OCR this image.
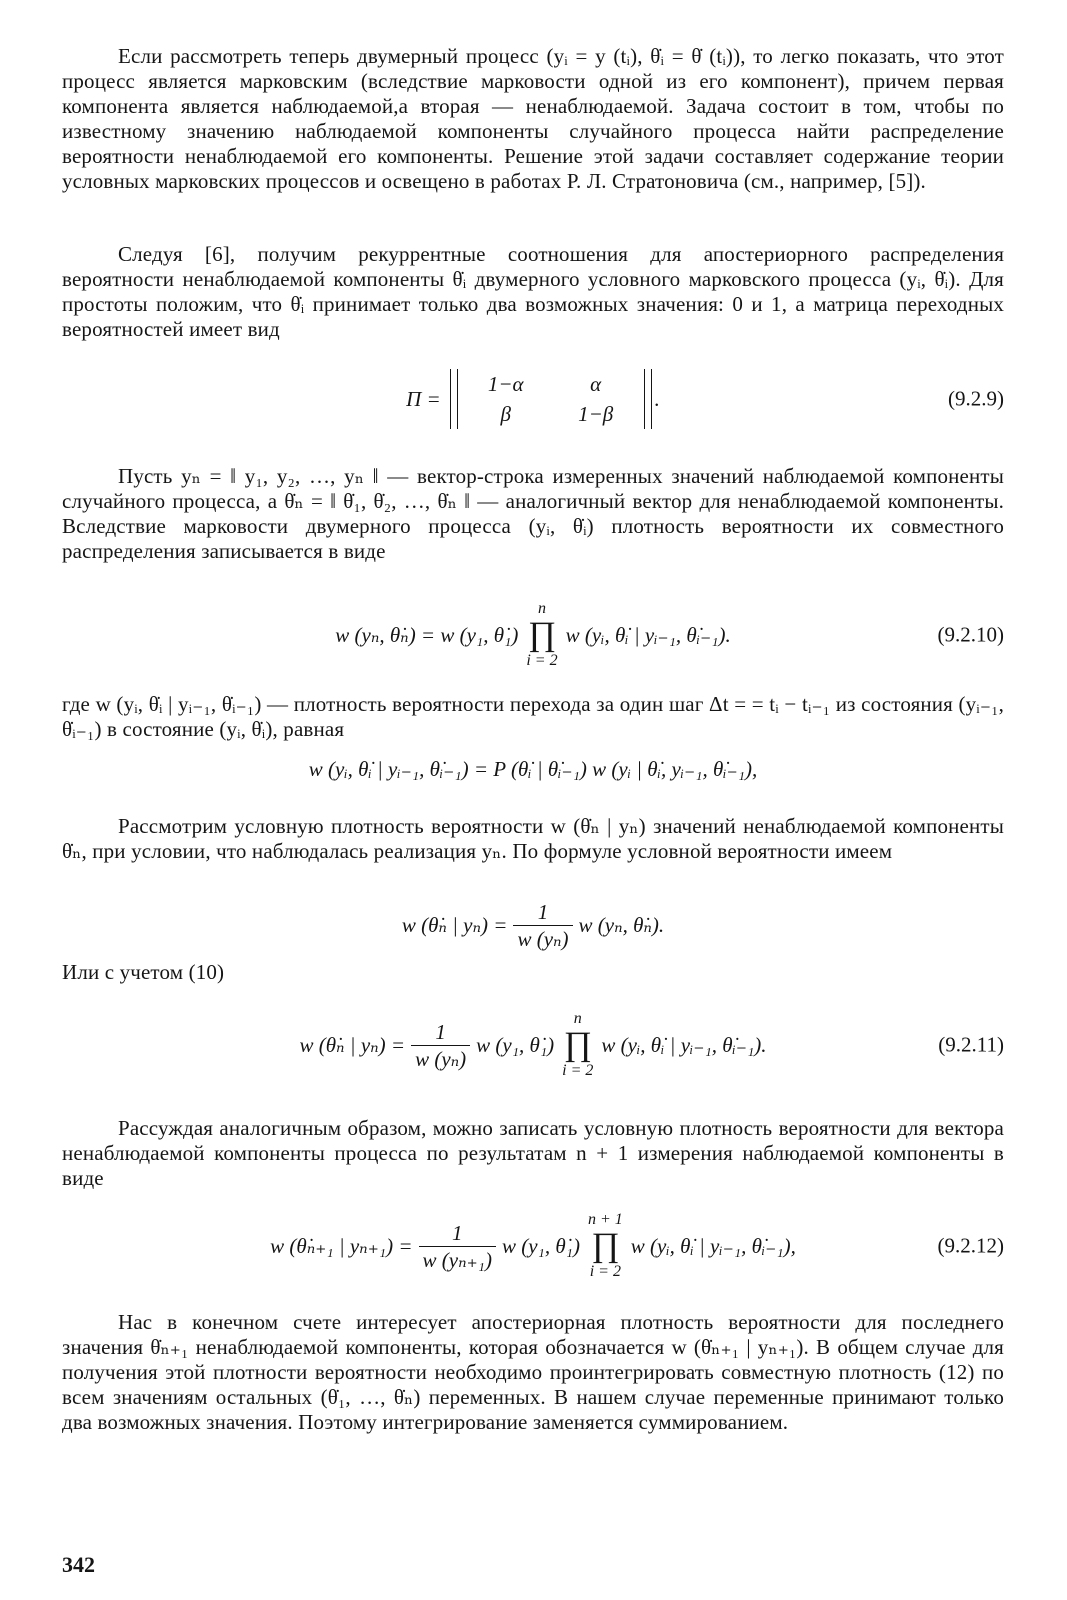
Если рассмотреть теперь двумерный процесс (yᵢ = y (tᵢ), θ̇ᵢ = θ̇ (tᵢ)), то легко показать, что этот процесс является марковским (вследствие марковости одной из его компонент), причем первая компонента является наблюдаемой,а вторая — ненаблюдаемой. Задача состоит в том, чтобы по известному значению наблюдаемой компоненты случайного процесса найти распределение вероятности ненаблюдаемой его компоненты. Решение этой задачи составляет содержание теории условных марковских процессов и освещено в работах Р. Л. Стратоновича (см., например, [5]).

Следуя [6], получим рекуррентные соотношения для апостериорного распределения вероятности ненаблюдаемой компоненты θ̇ᵢ двумерного условного марковского процесса (yᵢ, θ̇ᵢ). Для простоты положим, что θ̇ᵢ принимает только два возможных значения: 0 и 1, а матрица переходных вероятностей имеет вид

Π =
1−α	α
β	1−β
.	(9.2.9)

Пусть yₙ = ‖ y₁, y₂, …, yₙ ‖ — вектор-строка измеренных значений наблюдаемой компоненты случайного процесса, а θ̇ₙ = ‖ θ̇₁, θ̇₂, …, θ̇ₙ ‖ — аналогичный вектор для ненаблюдаемой компоненты. Вследствие марковости двумерного процесса (yᵢ, θ̇ᵢ) плотность вероятности их совместного распределения записывается в виде

w (yₙ, θ̇ₙ) = w (y₁, θ̇₁)
n
∏
i = 2
w (yᵢ, θ̇ᵢ | yᵢ₋₁, θ̇ᵢ₋₁).	(9.2.10)

где w (yᵢ, θ̇ᵢ | yᵢ₋₁, θ̇ᵢ₋₁) — плотность вероятности перехода за один шаг Δt = = tᵢ − tᵢ₋₁ из состояния (yᵢ₋₁, θ̇ᵢ₋₁) в состояние (yᵢ, θ̇ᵢ), равная

w (yᵢ, θ̇ᵢ | yᵢ₋₁, θ̇ᵢ₋₁) = P (θ̇ᵢ | θ̇ᵢ₋₁) w (yᵢ | θ̇ᵢ, yᵢ₋₁, θ̇ᵢ₋₁),

Рассмотрим условную плотность вероятности w (θ̇ₙ | yₙ) значений ненаблюдаемой компоненты θ̇ₙ, при условии, что наблюдалась реализация yₙ. По формуле условной вероятности имеем

w (θ̇ₙ | $y_n) = \frac{1}{\text{w (yₙ)}}$ w (yₙ, θ̇ₙ).

Или с учетом (10)

w (θ̇ₙ | $y_n) = \frac{1}{\text{w (yₙ)}}$ w (y₁, θ̇₁)
n
∏
i = 2
w (yᵢ, θ̇ᵢ | yᵢ₋₁, θ̇ᵢ₋₁).	(9.2.11)

Рассуждая аналогичным образом, можно записать условную плотность вероятности для вектора ненаблюдаемой компоненты процесса по результатам n + 1 измерения наблюдаемой компоненты в виде

w (θ̇ₙ₊₁ | $y_{n+1}) = \frac{1}{\text{w (yₙ₊₁)}}$ w (y₁, θ̇₁)
n + 1
∏
i = 2
w (yᵢ, θ̇ᵢ | yᵢ₋₁, θ̇ᵢ₋₁),	(9.2.12)

Нас в конечном счете интересует апостериорная плотность вероятности для последнего значения θ̇ₙ₊₁ ненаблюдаемой компоненты, которая обозначается w (θ̇ₙ₊₁ | yₙ₊₁). В общем случае для получения этой плотности вероятности необходимо проинтегрировать совместную плотность (12) по всем значениям остальных (θ̇₁, …, θ̇ₙ) переменных. В нашем случае переменные принимают только два возможных значения. Поэтому интегрирование заменяется суммированием.

342
